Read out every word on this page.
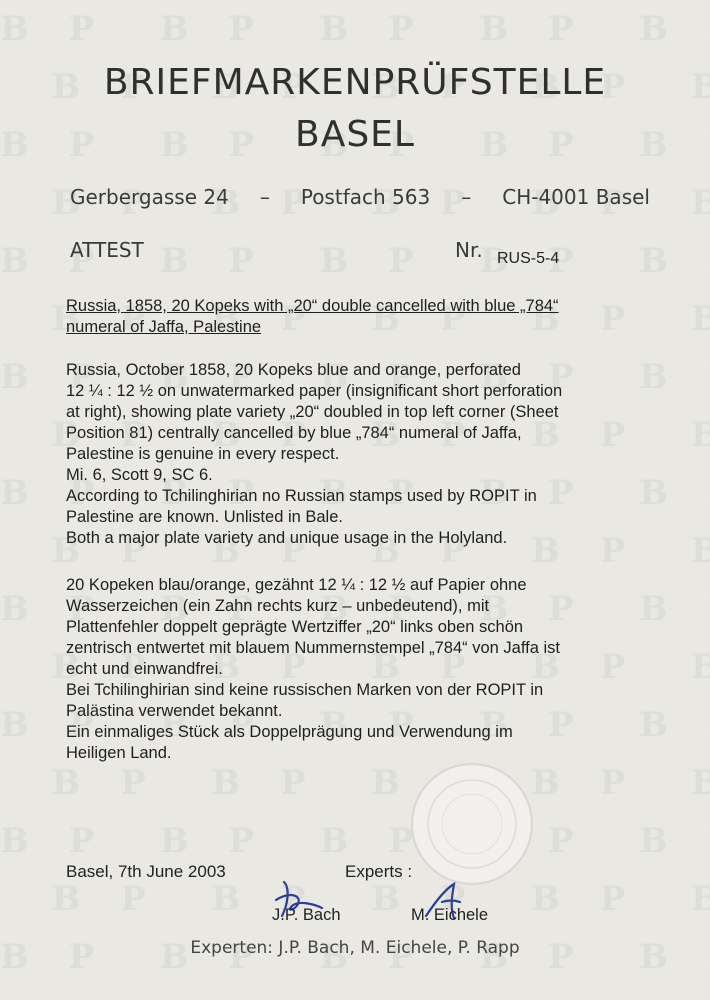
BRIEFMARKENPRÜFSTELLE
BASEL
Gerbergasse 24 – Postfach 563 – CH-4001 Basel
ATTEST	Nr. RUS-5-4
Russia, 1858, 20 Kopeks with „20“ double cancelled with blue „784“
numeral of Jaffa, Palestine
Russia, October 1858, 20 Kopeks blue and orange, perforated
12 ¼ : 12 ½ on unwatermarked paper (insignificant short perforation
at right), showing plate variety „20“ doubled in top left corner (Sheet
Position 81) centrally cancelled by blue „784“ numeral of Jaffa,
Palestine is genuine in every respect.
Mi. 6, Scott 9, SC 6.
According to Tchilinghirian no Russian stamps used by ROPIT in
Palestine are known. Unlisted in Bale.
Both a major plate variety and unique usage in the Holyland.
20 Kopeken blau/orange, gezähnt 12 ¼ : 12 ½ auf Papier ohne
Wasserzeichen (ein Zahn rechts kurz – unbedeutend), mit
Plattenfehler doppelt geprägte Wertziffer „20“ links oben schön
zentrisch entwertet mit blauem Nummernstempel „784“ von Jaffa ist
echt und einwandfrei.
Bei Tchilinghirian sind keine russischen Marken von der ROPIT in
Palästina verwendet bekannt.
Ein einmaliges Stück als Doppelprägung und Verwendung im
Heiligen Land.
Basel, 7th June 2003	Experts :
J.P. Bach	M. Eichele
Experten: J.P. Bach, M. Eichele, P. Rapp
